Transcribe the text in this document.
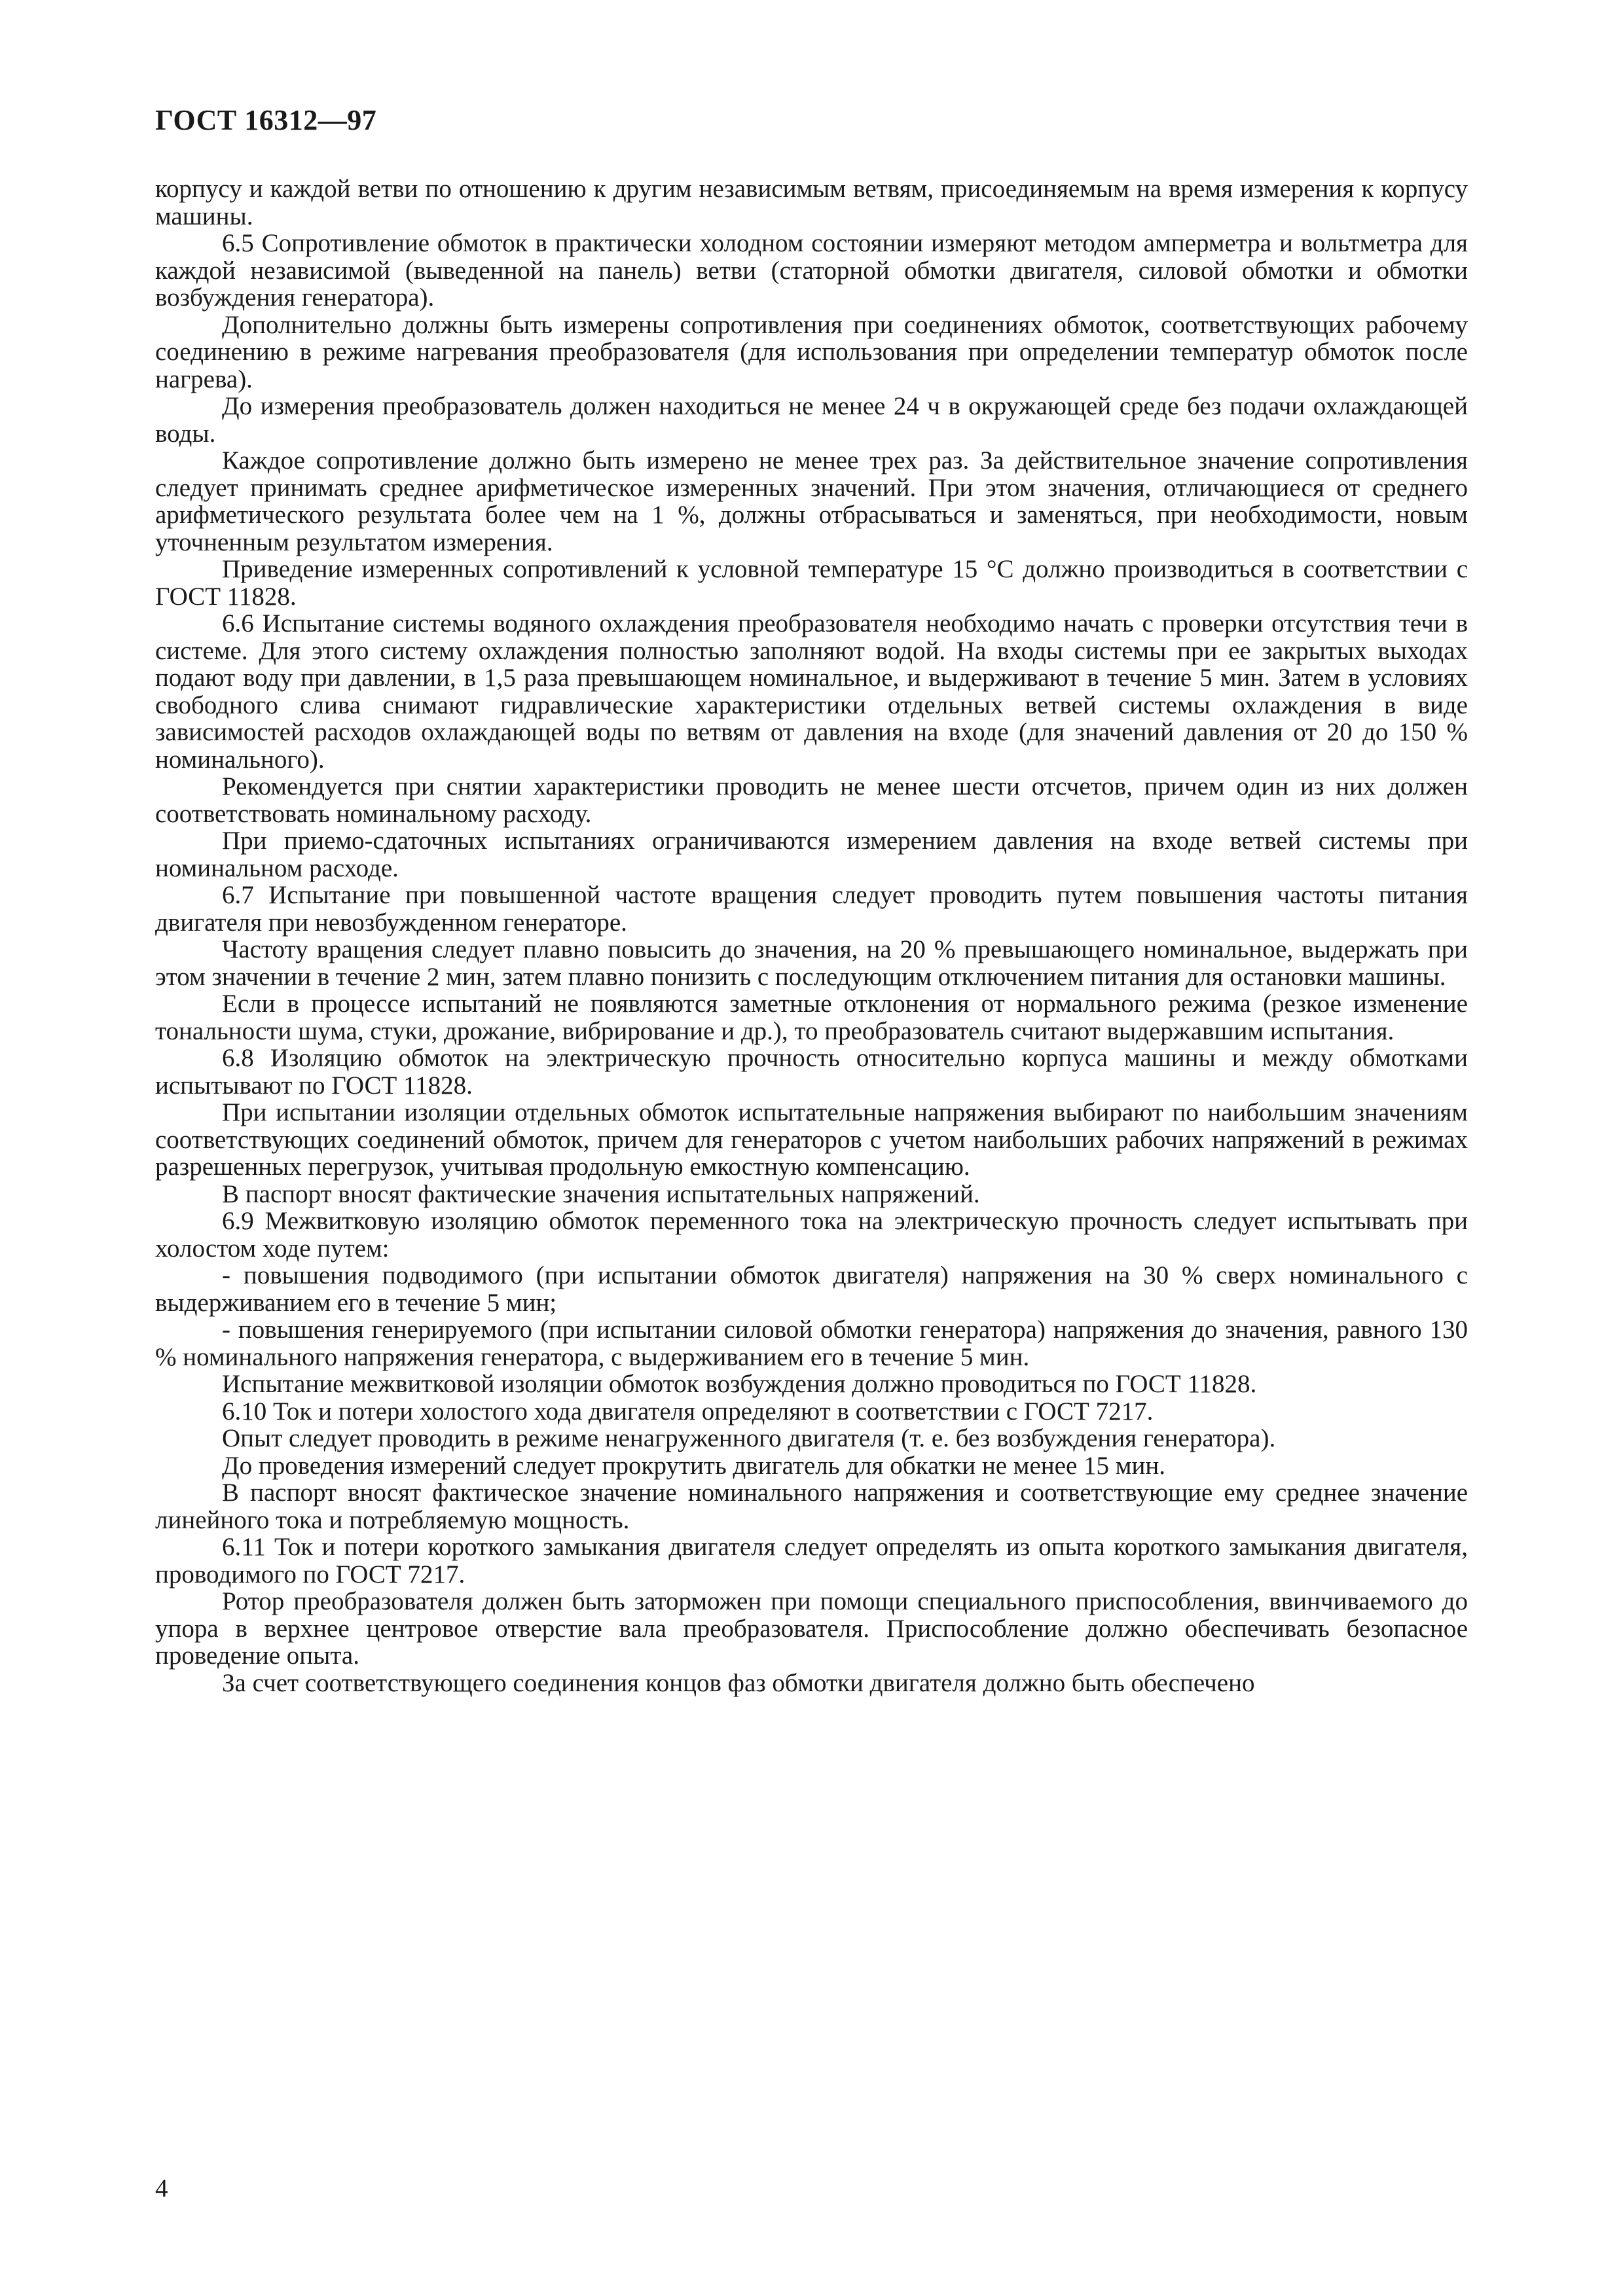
ГОСТ 16312—97

корпусу и каждой ветви по отношению к другим независимым ветвям, присоединяемым на время измерения к корпусу машины.

6.5 Сопротивление обмоток в практически холодном состоянии измеряют методом амперметра и вольтметра для каждой независимой (выведенной на панель) ветви (статорной обмотки двигателя, силовой обмотки и обмотки возбуждения генератора).

Дополнительно должны быть измерены сопротивления при соединениях обмоток, соответствующих рабочему соединению в режиме нагревания преобразователя (для использования при определении температур обмоток после нагрева).

До измерения преобразователь должен находиться не менее 24 ч в окружающей среде без подачи охлаждающей воды.

Каждое сопротивление должно быть измерено не менее трех раз. За действительное значение сопротивления следует принимать среднее арифметическое измеренных значений. При этом значения, отличающиеся от среднего арифметического результата более чем на 1 %, должны отбрасываться и заменяться, при необходимости, новым уточненным результатом измерения.

Приведение измеренных сопротивлений к условной температуре 15 °С должно производиться в соответствии с ГОСТ 11828.

6.6 Испытание системы водяного охлаждения преобразователя необходимо начать с проверки отсутствия течи в системе. Для этого систему охлаждения полностью заполняют водой. На входы системы при ее закрытых выходах подают воду при давлении, в 1,5 раза превышающем номинальное, и выдерживают в течение 5 мин. Затем в условиях свободного слива снимают гидравлические характеристики отдельных ветвей системы охлаждения в виде зависимостей расходов охлаждающей воды по ветвям от давления на входе (для значений давления от 20 до 150 % номинального).

Рекомендуется при снятии характеристики проводить не менее шести отсчетов, причем один из них должен соответствовать номинальному расходу.

При приемо-сдаточных испытаниях ограничиваются измерением давления на входе ветвей системы при номинальном расходе.

6.7 Испытание при повышенной частоте вращения следует проводить путем повышения частоты питания двигателя при невозбужденном генераторе.

Частоту вращения следует плавно повысить до значения, на 20 % превышающего номинальное, выдержать при этом значении в течение 2 мин, затем плавно понизить с последующим отключением питания для остановки машины.

Если в процессе испытаний не появляются заметные отклонения от нормального режима (резкое изменение тональности шума, стуки, дрожание, вибрирование и др.), то преобразователь считают выдержавшим испытания.

6.8 Изоляцию обмоток на электрическую прочность относительно корпуса машины и между обмотками испытывают по ГОСТ 11828.

При испытании изоляции отдельных обмоток испытательные напряжения выбирают по наибольшим значениям соответствующих соединений обмоток, причем для генераторов с учетом наибольших рабочих напряжений в режимах разрешенных перегрузок, учитывая продольную емкостную компенсацию.

В паспорт вносят фактические значения испытательных напряжений.

6.9 Межвитковую изоляцию обмоток переменного тока на электрическую прочность следует испытывать при холостом ходе путем:

- повышения подводимого (при испытании обмоток двигателя) напряжения на 30 % сверх номинального с выдерживанием его в течение 5 мин;

- повышения генерируемого (при испытании силовой обмотки генератора) напряжения до значения, равного 130 % номинального напряжения генератора, с выдерживанием его в течение 5 мин.

Испытание межвитковой изоляции обмоток возбуждения должно проводиться по ГОСТ 11828.

6.10 Ток и потери холостого хода двигателя определяют в соответствии с ГОСТ 7217.

Опыт следует проводить в режиме ненагруженного двигателя (т. е. без возбуждения генератора).

До проведения измерений следует прокрутить двигатель для обкатки не менее 15 мин.

В паспорт вносят фактическое значение номинального напряжения и соответствующие ему среднее значение линейного тока и потребляемую мощность.

6.11 Ток и потери короткого замыкания двигателя следует определять из опыта короткого замыкания двигателя, проводимого по ГОСТ 7217.

Ротор преобразователя должен быть заторможен при помощи специального приспособления, ввинчиваемого до упора в верхнее центровое отверстие вала преобразователя. Приспособление должно обеспечивать безопасное проведение опыта.

За счет соответствующего соединения концов фаз обмотки двигателя должно быть обеспечено

4
